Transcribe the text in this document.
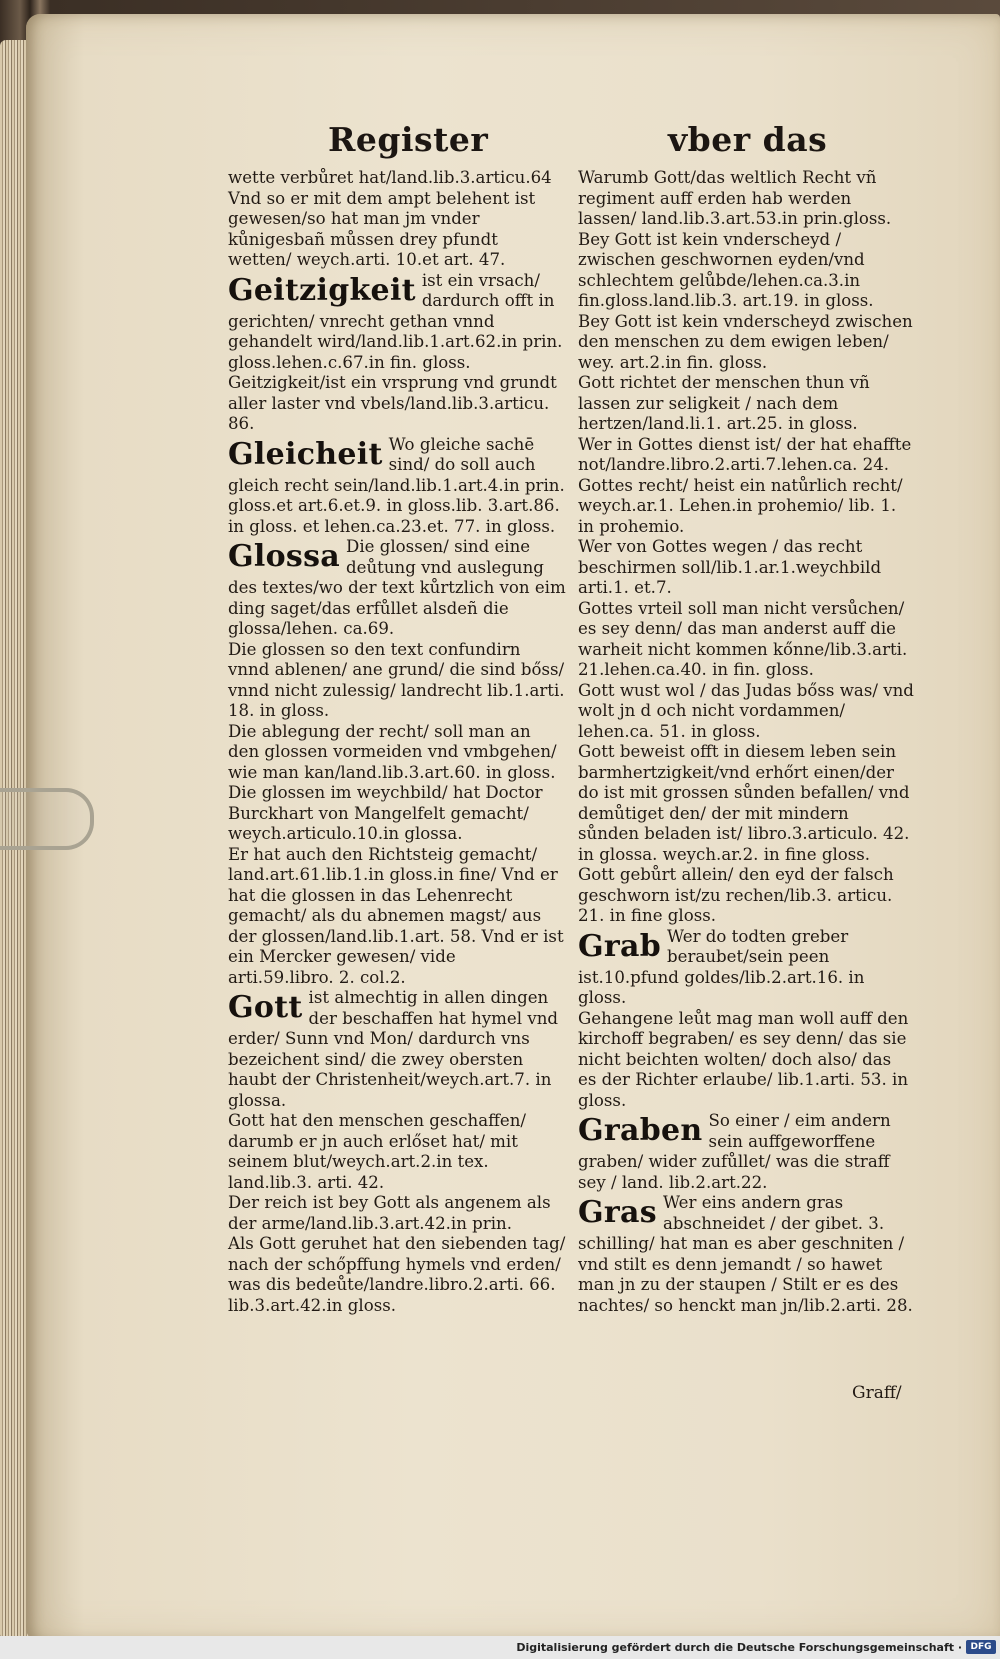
Register	vber das

wette verbůret hat/land.lib.3.articu.64 Vnd so er mit dem ampt belehent ist gewesen/so hat man jm vnder kůnigesbañ můssen drey pfundt wetten/ weych.arti. 10.et art. 47.

Geitzigkeit ist ein vrsach/ dardurch offt in gerichten/ vnrecht gethan vnnd gehandelt wird/land.lib.1.art.62.in prin. gloss.lehen.c.67.in fin. gloss.

Geitzigkeit/ist ein vrsprung vnd grundt aller laster vnd vbels/land.lib.3.articu. 86.

Gleicheit Wo gleiche sachē sind/ do soll auch gleich recht sein/land.lib.1.art.4.in prin. gloss.et art.6.et.9. in gloss.lib. 3.art.86. in gloss. et lehen.ca.23.et. 77. in gloss.

Glossa Die glossen/ sind eine deůtung vnd auslegung des textes/wo der text kůrtzlich von eim ding saget/das erfůllet alsdeñ die glossa/lehen. ca.69.

Die glossen so den text confundirn vnnd ablenen/ ane grund/ die sind bőss/ vnnd nicht zulessig/ landrecht lib.1.arti. 18. in gloss.

Die ablegung der recht/ soll man an den glossen vormeiden vnd vmbgehen/ wie man kan/land.lib.3.art.60. in gloss.

Die glossen im weychbild/ hat Doctor Burckhart von Mangelfelt gemacht/ weych.articulo.10.in glossa.

Er hat auch den Richtsteig gemacht/ land.art.61.lib.1.in gloss.in fine/ Vnd er hat die glossen in das Lehenrecht gemacht/ als du abnemen magst/ aus der glossen/land.lib.1.art. 58. Vnd er ist ein Mercker gewesen/ vide arti.59.libro. 2. col.2.

Gott ist almechtig in allen dingen der beschaffen hat hymel vnd erder/ Sunn vnd Mon/ dardurch vns bezeichent sind/ die zwey obersten haubt der Christenheit/weych.art.7. in glossa.

Gott hat den menschen geschaffen/ darumb er jn auch erlőset hat/ mit seinem blut/weych.art.2.in tex. land.lib.3. arti. 42.

Der reich ist bey Gott als angenem als der arme/land.lib.3.art.42.in prin.

Als Gott geruhet hat den siebenden tag/ nach der schőpffung hymels vnd erden/ was dis bedeůte/landre.libro.2.arti. 66. lib.3.art.42.in gloss.

Warumb Gott/das weltlich Recht vñ regiment auff erden hab werden lassen/ land.lib.3.art.53.in prin.gloss.

Bey Gott ist kein vnderscheyd / zwischen geschwornen eyden/vnd schlechtem gelůbde/lehen.ca.3.in fin.gloss.land.lib.3. art.19. in gloss.

Bey Gott ist kein vnderscheyd zwischen den menschen zu dem ewigen leben/ wey. art.2.in fin. gloss.

Gott richtet der menschen thun vñ lassen zur seligkeit / nach dem hertzen/land.li.1. art.25. in gloss.

Wer in Gottes dienst ist/ der hat ehaffte not/landre.libro.2.arti.7.lehen.ca. 24.

Gottes recht/ heist ein natůrlich recht/ weych.ar.1. Lehen.in prohemio/ lib. 1. in prohemio.

Wer von Gottes wegen / das recht beschirmen soll/lib.1.ar.1.weychbild arti.1. et.7.

Gottes vrteil soll man nicht versůchen/ es sey denn/ das man anderst auff die warheit nicht kommen kőnne/lib.3.arti. 21.lehen.ca.40. in fin. gloss.

Gott wust wol / das Judas bőss was/ vnd wolt jn d och nicht vordammen/ lehen.ca. 51. in gloss.

Gott beweist offt in diesem leben sein barmhertzigkeit/vnd erhőrt einen/der do ist mit grossen sůnden befallen/ vnd demůtiget den/ der mit mindern sůnden beladen ist/ libro.3.articulo. 42. in glossa. weych.ar.2. in fine gloss.

Gott gebůrt allein/ den eyd der falsch geschworn ist/zu rechen/lib.3. articu. 21. in fine gloss.

Grab Wer do todten greber beraubet/sein peen ist.10.pfund goldes/lib.2.art.16. in gloss.

Gehangene leůt mag man woll auff den kirchoff begraben/ es sey denn/ das sie nicht beichten wolten/ doch also/ das es der Richter erlaube/ lib.1.arti. 53. in gloss.

Graben So einer / eim andern sein auffgeworffene graben/ wider zufůllet/ was die straff sey / land. lib.2.art.22.

Gras Wer eins andern gras abschneidet / der gibet. 3. schilling/ hat man es aber geschniten / vnd stilt es denn jemandt / so hawet man jn zu der staupen / Stilt er es des nachtes/ so henckt man jn/lib.2.arti. 28.

Graff/
Digitalisierung gefördert durch die Deutsche Forschungsgemeinschaft · DFG
